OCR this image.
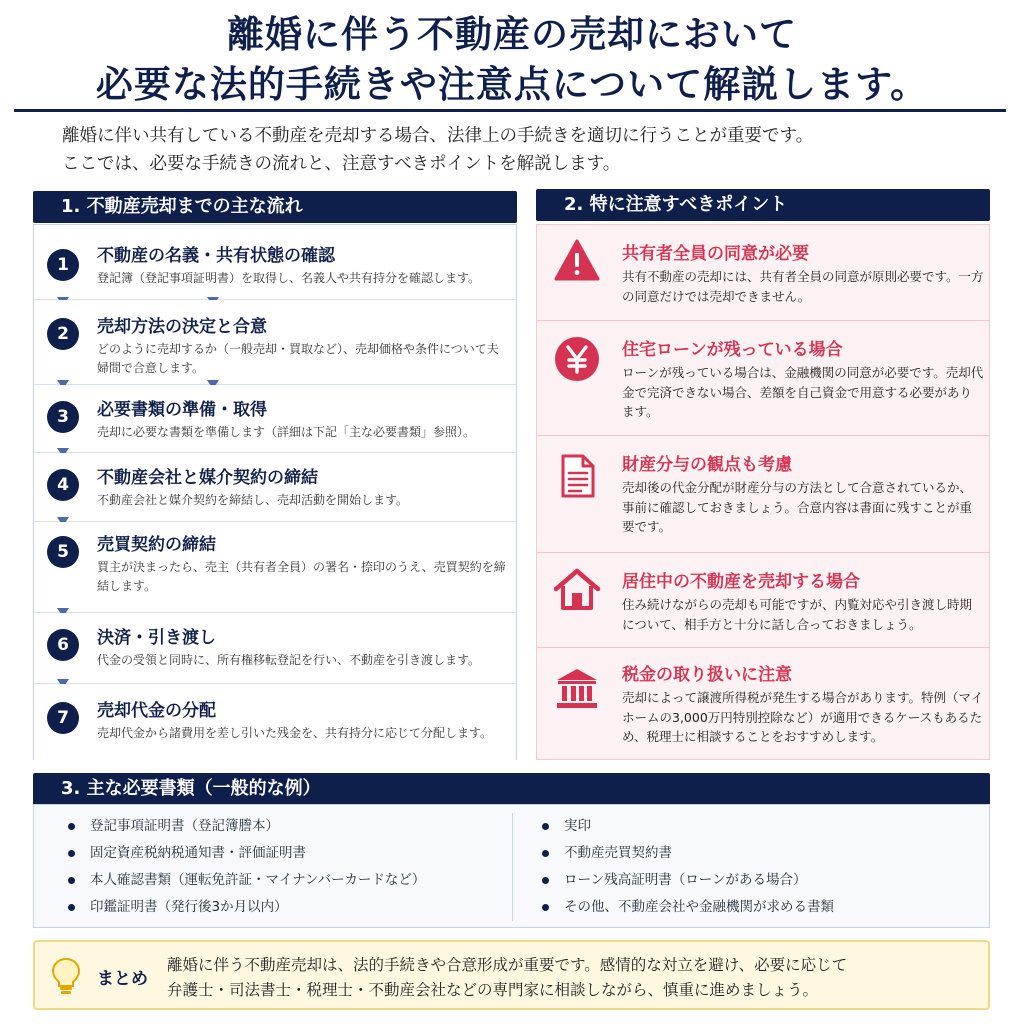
離婚に伴う不動産の売却において
必要な法的手続きや注意点について解説します。
離婚に伴い共有している不動産を売却する場合、法律上の手続きを適切に行うことが重要です。
ここでは、必要な手続きの流れと、注意すべきポイントを解説します。
1. 不動産売却までの主な流れ
1	不動産の名義・共有状態の確認
登記簿（登記事項証明書）を取得し、名義人や共有持分を確認します。
2	売却方法の決定と合意
どのように売却するか（一般売却・買取など）、売却価格や条件について夫婦間で合意します。
3	必要書類の準備・取得
売却に必要な書類を準備します（詳細は下記「主な必要書類」参照）。
4	不動産会社と媒介契約の締結
不動産会社と媒介契約を締結し、売却活動を開始します。
5	売買契約の締結
買主が決まったら、売主（共有者全員）の署名・捺印のうえ、売買契約を締結します。
6	決済・引き渡し
代金の受領と同時に、所有権移転登記を行い、不動産を引き渡します。
7	売却代金の分配
売却代金から諸費用を差し引いた残金を、共有持分に応じて分配します。
2. 特に注意すべきポイント
共有者全員の同意が必要
共有不動産の売却には、共有者全員の同意が原則必要です。一方の同意だけでは売却できません。
住宅ローンが残っている場合
ローンが残っている場合は、金融機関の同意が必要です。売却代金で完済できない場合、差額を自己資金で用意する必要があります。
財産分与の観点も考慮
売却後の代金分配が財産分与の方法として合意されているか、事前に確認しておきましょう。合意内容は書面に残すことが重要です。
居住中の不動産を売却する場合
住み続けながらの売却も可能ですが、内覧対応や引き渡し時期について、相手方と十分に話し合っておきましょう。
税金の取り扱いに注意
売却によって譲渡所得税が発生する場合があります。特例（マイホームの3,000万円特別控除など）が適用できるケースもあるため、税理士に相談することをおすすめします。
3. 主な必要書類（一般的な例）
登記事項証明書（登記簿謄本）
固定資産税納税通知書・評価証明書
本人確認書類（運転免許証・マイナンバーカードなど）
印鑑証明書（発行後3か月以内）
実印
不動産売買契約書
ローン残高証明書（ローンがある場合）
その他、不動産会社や金融機関が求める書類
まとめ
離婚に伴う不動産売却は、法的手続きや合意形成が重要です。感情的な対立を避け、必要に応じて
弁護士・司法書士・税理士・不動産会社などの専門家に相談しながら、慎重に進めましょう。
